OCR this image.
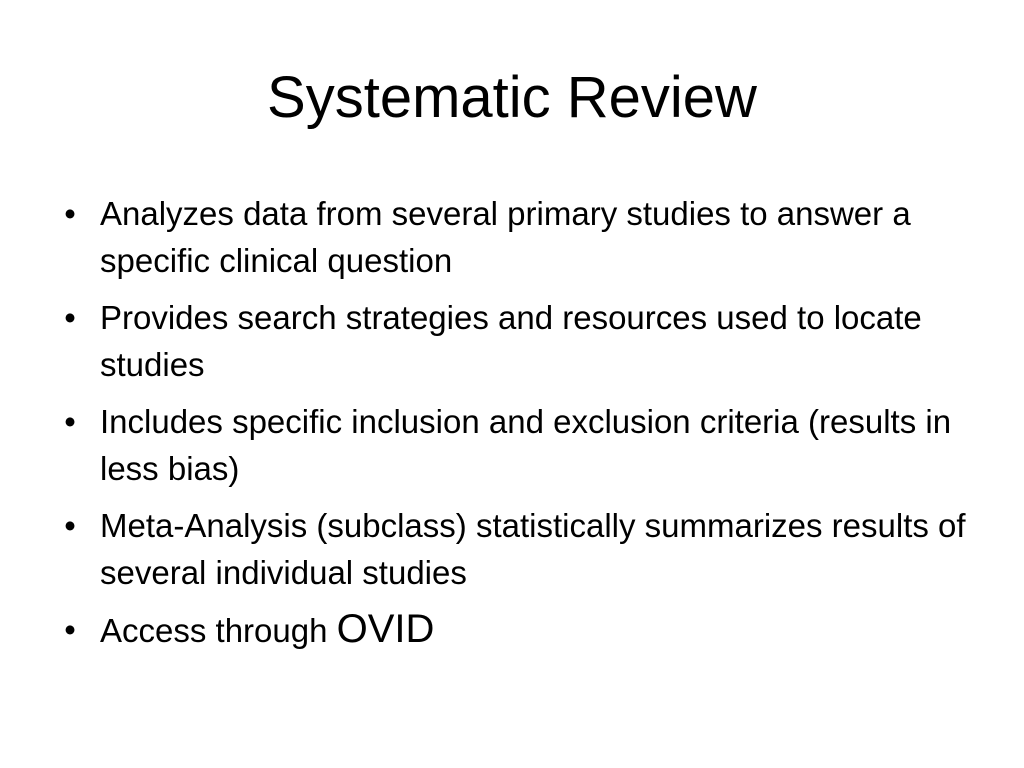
Systematic Review
• Analyzes data from several primary studies to answer a specific clinical question
• Provides search strategies and resources used to locate studies
• Includes specific inclusion and exclusion criteria (results in less bias)
• Meta-Analysis (subclass) statistically summarizes results of several individual studies
• Access through OVID
